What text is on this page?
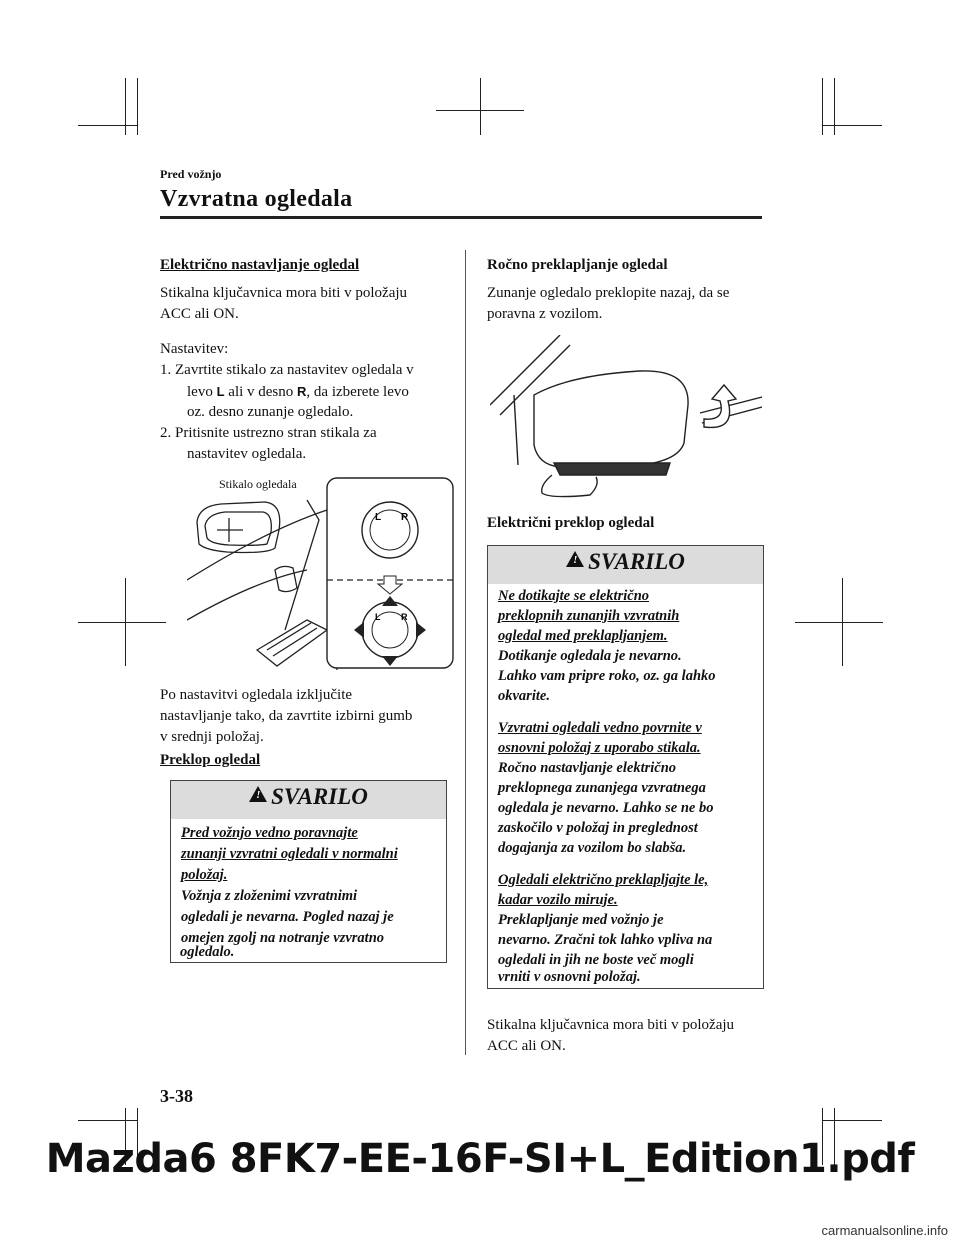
Pred vožnjo
Vzvratna ogledala
Električno nastavljanje ogledal
Stikalna ključavnica mora biti v položaju
ACC ali ON.
Nastavitev:
1. Zavrtite stikalo za nastavitev ogledala v
levo L ali v desno R, da izberete levo
oz. desno zunanje ogledalo.
2. Pritisnite ustrezno stran stikala za
nastavitev ogledala.
Stikalo ogledala
L R
L R
Po nastavitvi ogledala izključite
nastavljanje tako, da zavrtite izbirni gumb
v srednji položaj.
Preklop ogledal
! SVARILO
Pred vožnjo vedno poravnajte
zunanji vzvratni ogledali v normalni
položaj.
Vožnja z zloženimi vzvratnimi
ogledali je nevarna. Pogled nazaj je
omejen zgolj na notranje vzvratno
ogledalo.
Ročno preklapljanje ogledal
Zunanje ogledalo preklopite nazaj, da se
poravna z vozilom.
Električni preklop ogledal
! SVARILO
Ne dotikajte se električno
preklopnih zunanjih vzvratnih
ogledal med preklapljanjem.
Dotikanje ogledala je nevarno.
Lahko vam pripre roko, oz. ga lahko
okvarite.
Vzvratni ogledali vedno povrnite v
osnovni položaj z uporabo stikala.
Ročno nastavljanje električno
preklopnega zunanjega vzvratnega
ogledala je nevarno. Lahko se ne bo
zaskočilo v položaj in preglednost
dogajanja za vozilom bo slabša.
Ogledali električno preklapljajte le,
kadar vozilo miruje.
Preklapljanje med vožnjo je
nevarno. Zračni tok lahko vpliva na
ogledali in jih ne boste več mogli
vrniti v osnovni položaj.
Stikalna ključavnica mora biti v položaju
ACC ali ON.
3-38
Mazda6 8FK7-EE-16F-SI+L_Edition1.pdf
carmanualsonline.info
